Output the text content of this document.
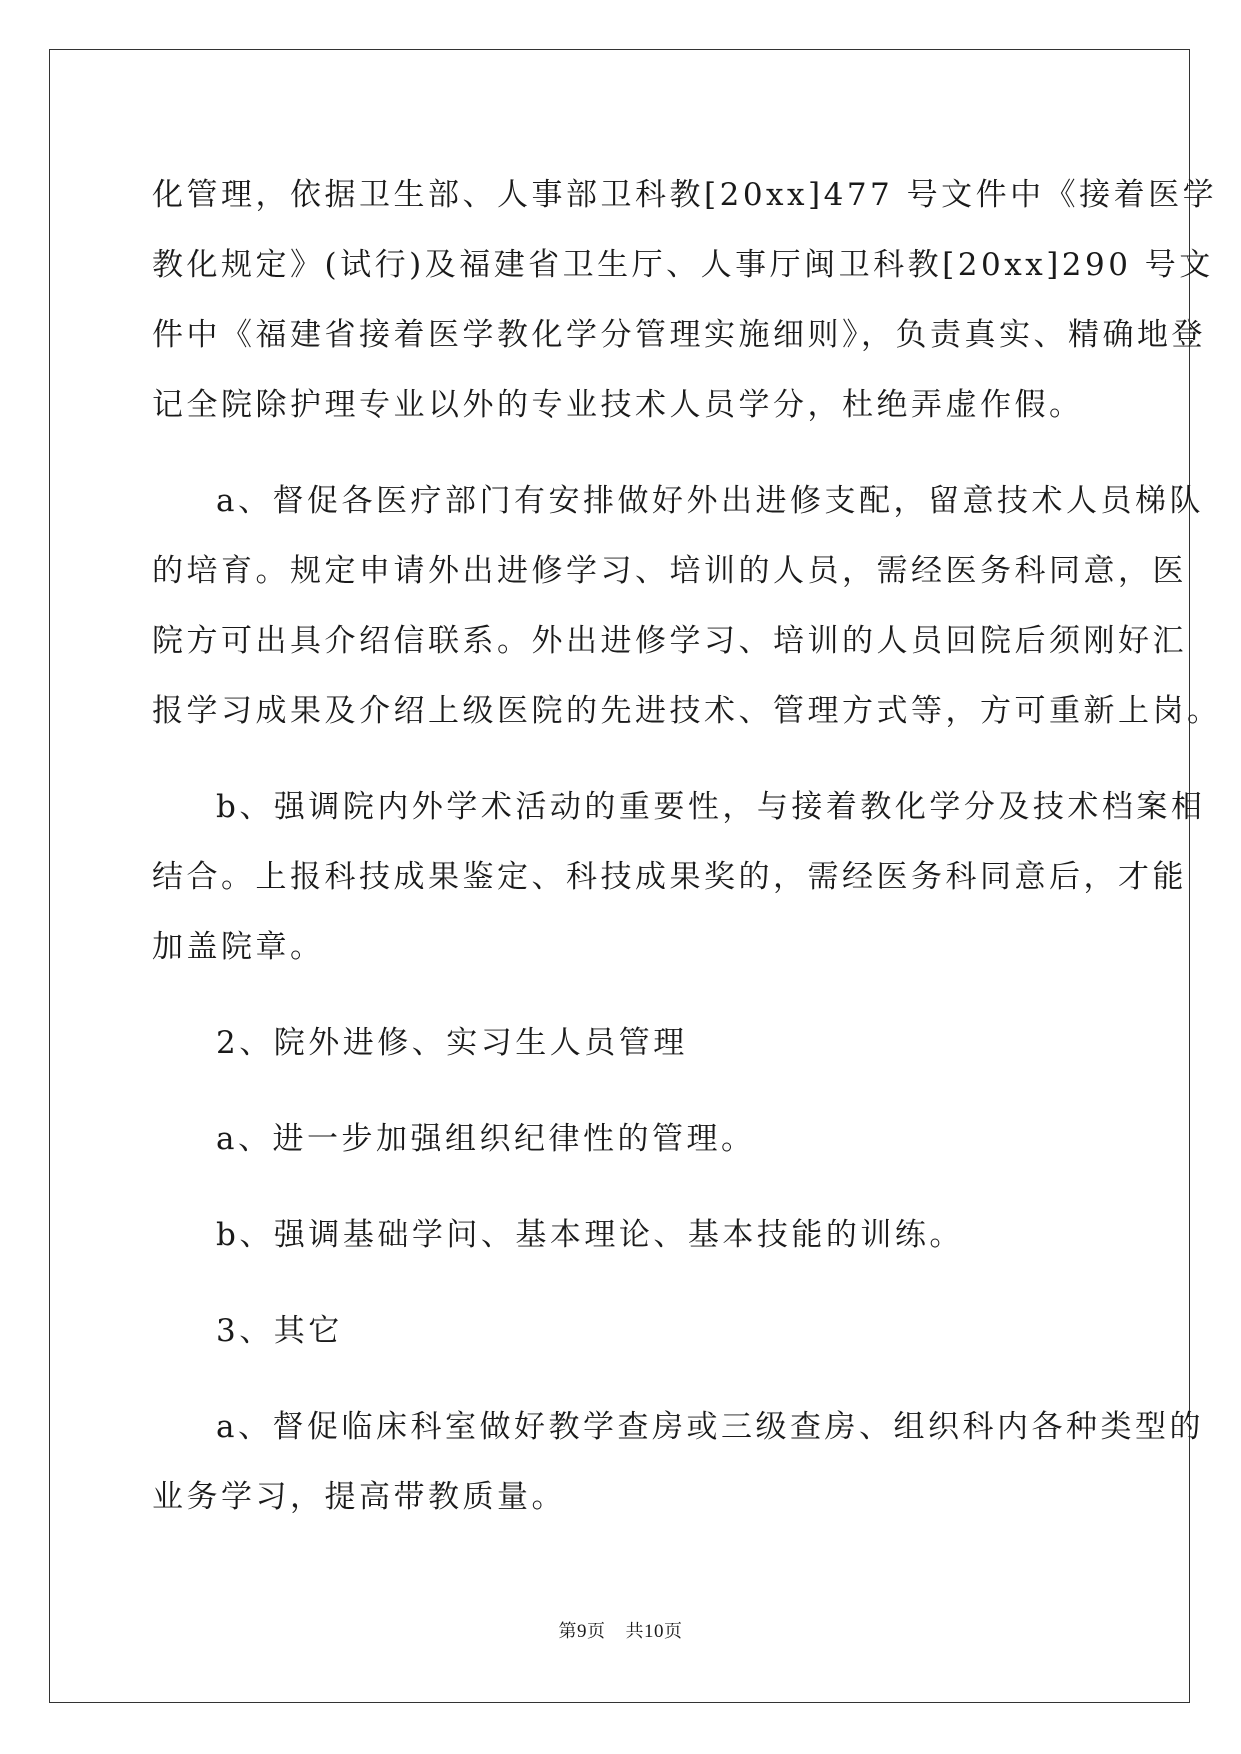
化管理，依据卫生部、人事部卫科教[20xx]477 号文件中《接着医学
教化规定》(试行)及福建省卫生厅、人事厅闽卫科教[20xx]290 号文
件中《福建省接着医学教化学分管理实施细则》，负责真实、精确地登
记全院除护理专业以外的专业技术人员学分，杜绝弄虚作假。
a、督促各医疗部门有安排做好外出进修支配，留意技术人员梯队
的培育。规定申请外出进修学习、培训的人员，需经医务科同意，医
院方可出具介绍信联系。外出进修学习、培训的人员回院后须刚好汇
报学习成果及介绍上级医院的先进技术、管理方式等，方可重新上岗。
b、强调院内外学术活动的重要性，与接着教化学分及技术档案相
结合。上报科技成果鉴定、科技成果奖的，需经医务科同意后，才能
加盖院章。
2、院外进修、实习生人员管理
a、进一步加强组织纪律性的管理。
b、强调基础学问、基本理论、基本技能的训练。
3、其它
a、督促临床科室做好教学查房或三级查房、组织科内各种类型的
业务学习，提高带教质量。
第9页 共10页
